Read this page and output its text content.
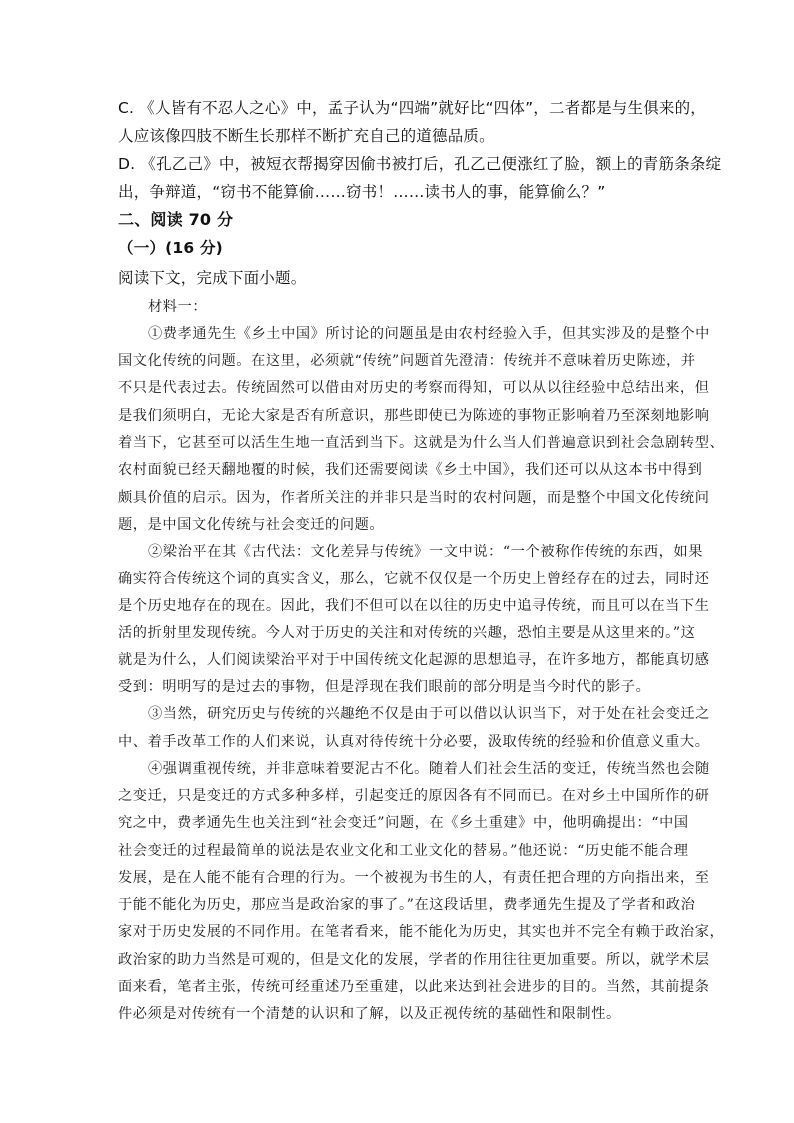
C. 《人皆有不忍人之心》中，孟子认为“四端”就好比“四体”，二者都是与生俱来的，
人应该像四肢不断生长那样不断扩充自己的道德品质。
D. 《孔乙己》中，被短衣帮揭穿因偷书被打后，孔乙己便涨红了脸，额上的青筋条条绽
出，争辩道，“窃书不能算偷……窃书！……读书人的事，能算偷么？”
二、阅读 70 分
（一）(16 分)
阅读下文，完成下面小题。
材料一：
①费孝通先生《乡土中国》所讨论的问题虽是由农村经验入手，但其实涉及的是整个中
国文化传统的问题。在这里，必须就“传统”问题首先澄清：传统并不意味着历史陈迹，并
不只是代表过去。传统固然可以借由对历史的考察而得知，可以从以往经验中总结出来，但
是我们须明白，无论大家是否有所意识，那些即使已为陈迹的事物正影响着乃至深刻地影响
着当下，它甚至可以活生生地一直活到当下。这就是为什么当人们普遍意识到社会急剧转型、
农村面貌已经天翻地覆的时候，我们还需要阅读《乡土中国》，我们还可以从这本书中得到
颇具价值的启示。因为，作者所关注的并非只是当时的农村问题，而是整个中国文化传统问
题，是中国文化传统与社会变迁的问题。
②梁治平在其《古代法：文化差异与传统》一文中说：“一个被称作传统的东西，如果
确实符合传统这个词的真实含义，那么，它就不仅仅是一个历史上曾经存在的过去，同时还
是个历史地存在的现在。因此，我们不但可以在以往的历史中追寻传统，而且可以在当下生
活的折射里发现传统。今人对于历史的关注和对传统的兴趣，恐怕主要是从这里来的。”这
就是为什么，人们阅读梁治平对于中国传统文化起源的思想追寻，在许多地方，都能真切感
受到：明明写的是过去的事物，但是浮现在我们眼前的部分明是当今时代的影子。
③当然，研究历史与传统的兴趣绝不仅是由于可以借以认识当下，对于处在社会变迁之
中、着手改革工作的人们来说，认真对待传统十分必要，汲取传统的经验和价值意义重大。
④强调重视传统，并非意味着要泥古不化。随着人们社会生活的变迁，传统当然也会随
之变迁，只是变迁的方式多种多样，引起变迁的原因各有不同而已。在对乡土中国所作的研
究之中，费孝通先生也关注到“社会变迁”问题，在《乡土重建》中，他明确提出：“中国
社会变迁的过程最简单的说法是农业文化和工业文化的替易。”他还说：“历史能不能合理
发展，是在人能不能有合理的行为。一个被视为书生的人，有责任把合理的方向指出来，至
于能不能化为历史，那应当是政治家的事了。”在这段话里，费孝通先生提及了学者和政治
家对于历史发展的不同作用。在笔者看来，能不能化为历史，其实也并不完全有赖于政治家，
政治家的助力当然是可观的，但是文化的发展，学者的作用往往更加重要。所以，就学术层
面来看，笔者主张，传统可经重述乃至重建，以此来达到社会进步的目的。当然，其前提条
件必须是对传统有一个清楚的认识和了解，以及正视传统的基础性和限制性。
